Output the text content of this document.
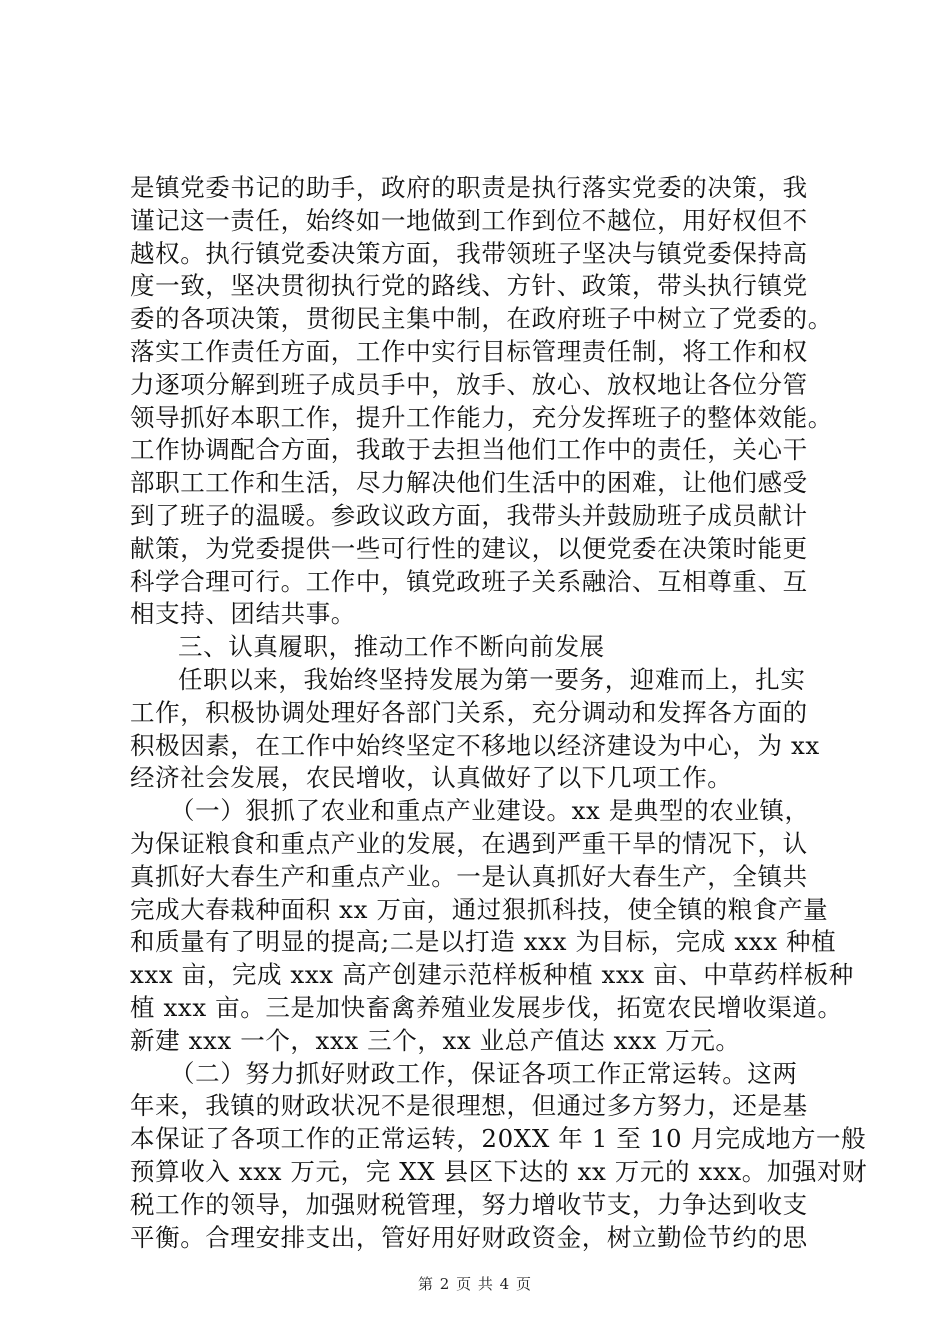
是镇党委书记的助手，政府的职责是执行落实党委的决策，我
谨记这一责任，始终如一地做到工作到位不越位，用好权但不
越权。执行镇党委决策方面，我带领班子坚决与镇党委保持高
度一致，坚决贯彻执行党的路线、方针、政策，带头执行镇党
委的各项决策，贯彻民主集中制，在政府班子中树立了党委的。
落实工作责任方面，工作中实行目标管理责任制，将工作和权
力逐项分解到班子成员手中，放手、放心、放权地让各位分管
领导抓好本职工作，提升工作能力，充分发挥班子的整体效能。
工作协调配合方面，我敢于去担当他们工作中的责任，关心干
部职工工作和生活，尽力解决他们生活中的困难，让他们感受
到了班子的温暖。参政议政方面，我带头并鼓励班子成员献计
献策，为党委提供一些可行性的建议，以便党委在决策时能更
科学合理可行。工作中，镇党政班子关系融洽、互相尊重、互
相支持、团结共事。
三、认真履职，推动工作不断向前发展
任职以来，我始终坚持发展为第一要务，迎难而上，扎实
工作，积极协调处理好各部门关系，充分调动和发挥各方面的
积极因素，在工作中始终坚定不移地以经济建设为中心，为 xx
经济社会发展，农民增收，认真做好了以下几项工作。
（一）狠抓了农业和重点产业建设。xx 是典型的农业镇，
为保证粮食和重点产业的发展，在遇到严重干旱的情况下，认
真抓好大春生产和重点产业。一是认真抓好大春生产，全镇共
完成大春栽种面积 xx 万亩，通过狠抓科技，使全镇的粮食产量
和质量有了明显的提高;二是以打造 xxx 为目标，完成 xxx 种植
xxx 亩，完成 xxx 高产创建示范样板种植 xxx 亩、中草药样板种
植 xxx 亩。三是加快畜禽养殖业发展步伐，拓宽农民增收渠道。
新建 xxx 一个，xxx 三个，xx 业总产值达 xxx 万元。
（二）努力抓好财政工作，保证各项工作正常运转。这两
年来，我镇的财政状况不是很理想，但通过多方努力，还是基
本保证了各项工作的正常运转，20XX 年 1 至 10 月完成地方一般
预算收入 xxx 万元，完 XX 县区下达的 xx 万元的 xxx。加强对财
税工作的领导，加强财税管理，努力增收节支，力争达到收支
平衡。合理安排支出，管好用好财政资金，树立勤俭节约的思
第 2 页 共 4 页
